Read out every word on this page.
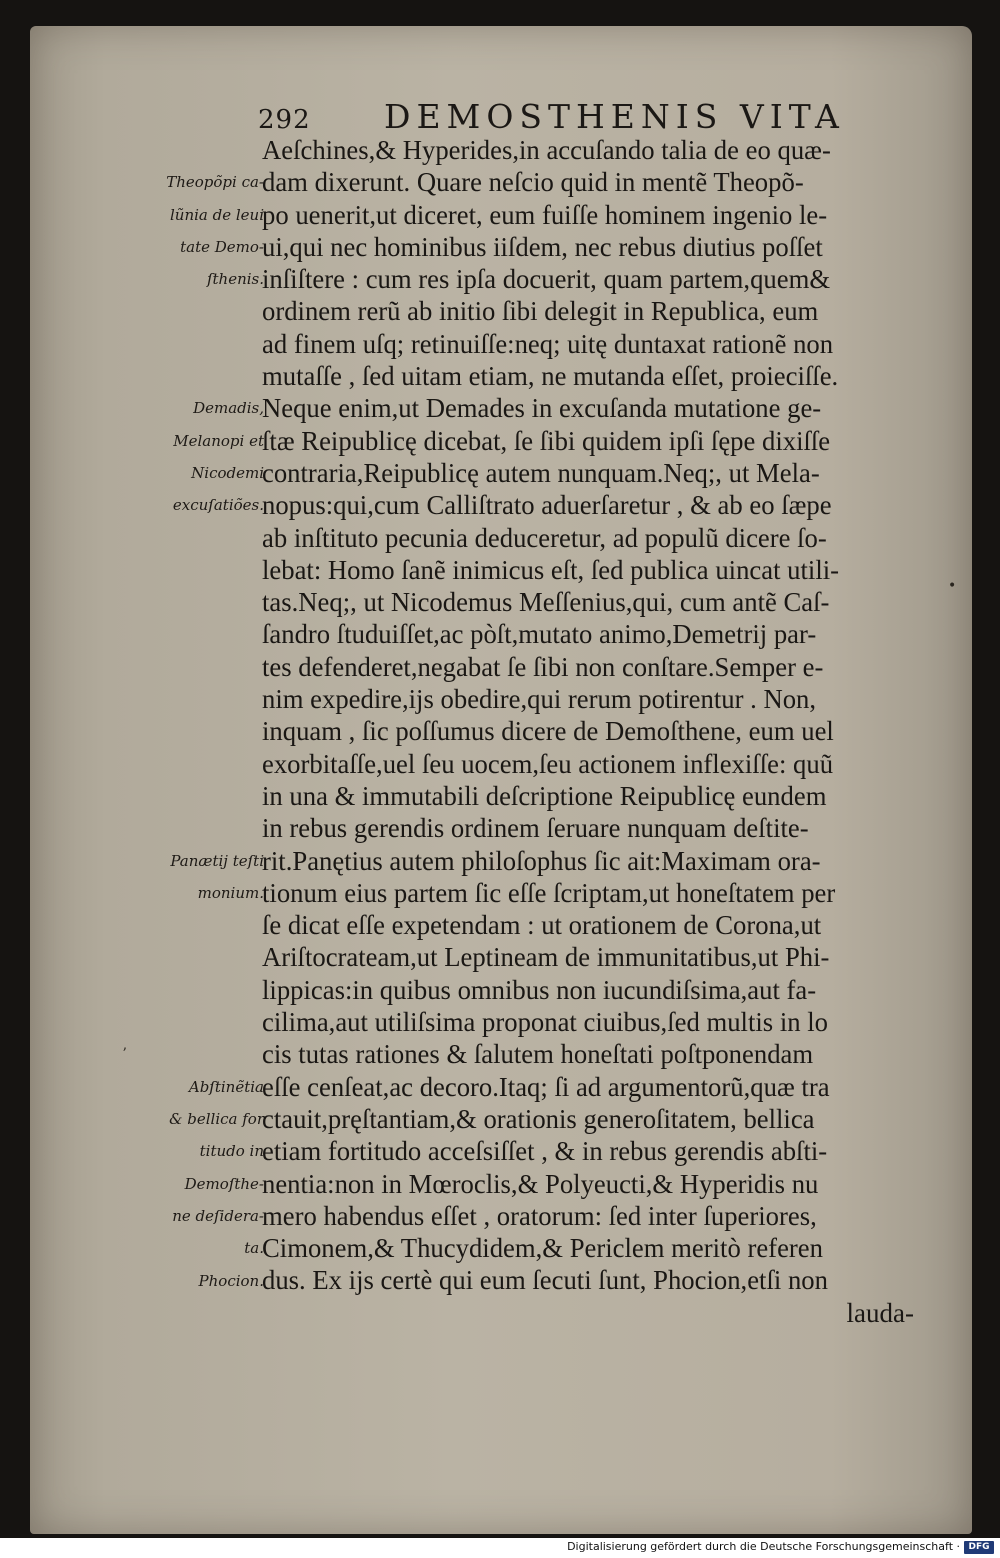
292 DEMOSTHENIS VITA
Aeſchines,& Hyperides,in accuſando talia de eo quæ-
dam dixerunt. Quare neſcio quid in mentẽ Theopõ-
po uenerit,ut diceret, eum fuiſſe hominem ingenio le-
ui,qui nec hominibus iiſdem, nec rebus diutius poſſet
inſiſtere : cum res ipſa docuerit, quam partem,quem&
ordinem rerũ ab initio ſibi delegit in Republica, eum
ad finem uſq; retinuiſſe:neq; uitę duntaxat rationẽ non
mutaſſe , ſed uitam etiam, ne mutanda eſſet, proieciſſe.
Neque enim,ut Demades in excuſanda mutatione ge-
ſtæ Reipublicę dicebat, ſe ſibi quidem ipſi ſępe dixiſſe
contraria,Reipublicę autem nunquam.Neq;, ut Mela-
nopus:qui,cum Calliſtrato aduerſaretur , & ab eo ſæpe
ab inſtituto pecunia deduceretur, ad populũ dicere ſo-
lebat: Homo ſanẽ inimicus eſt, ſed publica uincat utili-
tas.Neq;, ut Nicodemus Meſſenius,qui, cum antẽ Caſ-
ſandro ſtuduiſſet,ac pòſt,mutato animo,Demetrij par-
tes defenderet,negabat ſe ſibi non conſtare.Semper e-
nim expedire,ijs obedire,qui rerum potirentur . Non,
inquam , ſic poſſumus dicere de Demoſthene, eum uel
exorbitaſſe,uel ſeu uocem,ſeu actionem inflexiſſe: quũ
in una & immutabili deſcriptione Reipublicę eundem
in rebus gerendis ordinem ſeruare nunquam deſtite-
rit.Panętius autem philoſophus ſic ait:Maximam ora-
tionum eius partem ſic eſſe ſcriptam,ut honeſtatem per
ſe dicat eſſe expetendam : ut orationem de Corona,ut
Ariſtocrateam,ut Leptineam de immunitatibus,ut Phi-
lippicas:in quibus omnibus non iucundiſsima,aut fa-
cilima,aut utiliſsima proponat ciuibus,ſed multis in lo
cis tutas rationes & ſalutem honeſtati poſtponendam
eſſe cenſeat,ac decoro.Itaq; ſi ad argumentorũ,quæ tra
ctauit,pręſtantiam,& orationis generoſitatem, bellica
etiam fortitudo acceſsiſſet , & in rebus gerendis abſti-
nentia:non in Mœroclis,& Polyeucti,& Hyperidis nu
mero habendus eſſet , oratorum: ſed inter ſuperiores,
Cimonem,& Thucydidem,& Periclem meritò referen
dus. Ex ijs certè qui eum ſecuti ſunt, Phocion,etſi non
lauda-
Theopõpi ca-
lũnia de leui
tate Demo-
ſthenis.
Demadis,
Melanopi et
Nicodemi
excuſatiões.
Panætij teſti
monium.
Abſtinẽtia
& bellica for
titudo in
Demoſthe-
ne deſidera-
ta.
Phocion.
•
ʼ
Digitalisierung gefördert durch die Deutsche Forschungsgemeinschaft · DFG
